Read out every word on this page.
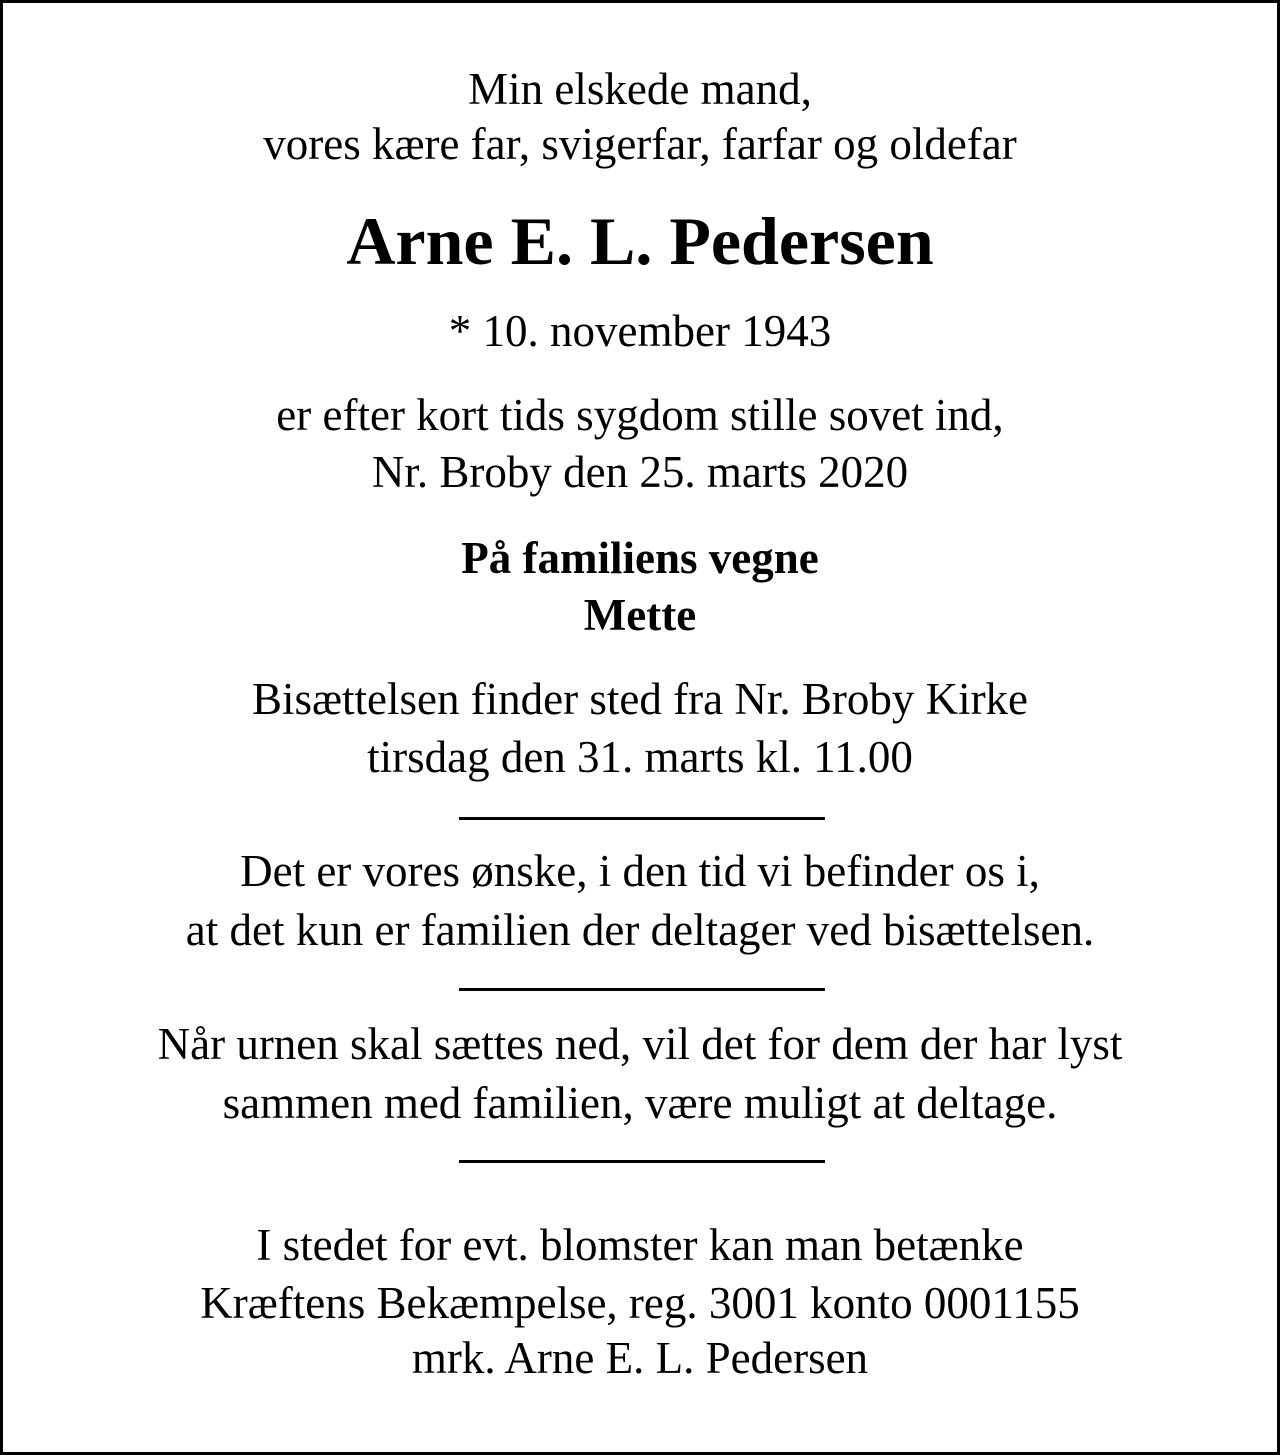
Min elskede mand,
vores kære far, svigerfar, farfar og oldefar
Arne E. L. Pedersen
* 10. november 1943
er efter kort tids sygdom stille sovet ind,
Nr. Broby den 25. marts 2020
På familiens vegne
Mette
Bisættelsen finder sted fra Nr. Broby Kirke
tirsdag den 31. marts kl. 11.00
Det er vores ønske, i den tid vi befinder os i,
at det kun er familien der deltager ved bisættelsen.
Når urnen skal sættes ned, vil det for dem der har lyst
sammen med familien, være muligt at deltage.
I stedet for evt. blomster kan man betænke
Kræftens Bekæmpelse, reg. 3001 konto 0001155
mrk. Arne E. L. Pedersen
